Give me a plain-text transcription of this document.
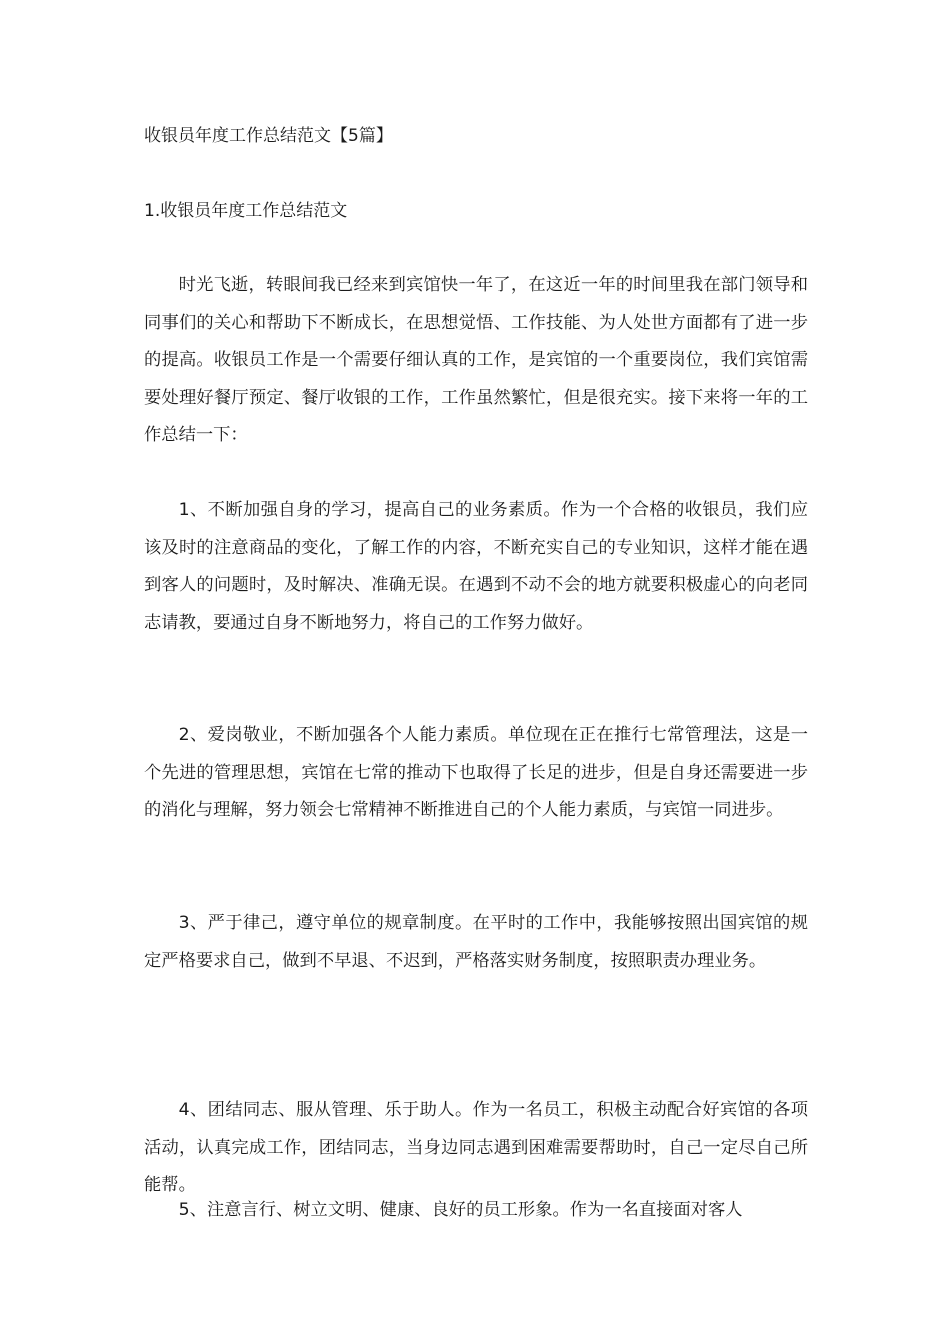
收银员年度工作总结范文【5篇】
1.收银员年度工作总结范文

时光飞逝，转眼间我已经来到宾馆快一年了，在这近一年的时间里我在部门领导和同事们的关心和帮助下不断成长，在思想觉悟、工作技能、为人处世方面都有了进一步的提高。收银员工作是一个需要仔细认真的工作，是宾馆的一个重要岗位，我们宾馆需要处理好餐厅预定、餐厅收银的工作，工作虽然繁忙，但是很充实。接下来将一年的工作总结一下：

1、不断加强自身的学习，提高自己的业务素质。作为一个合格的收银员，我们应该及时的注意商品的变化，了解工作的内容，不断充实自己的专业知识，这样才能在遇到客人的问题时，及时解决、准确无误。在遇到不动不会的地方就要积极虚心的向老同志请教，要通过自身不断地努力，将自己的工作努力做好。

2、爱岗敬业，不断加强各个人能力素质。单位现在正在推行七常管理法，这是一个先进的管理思想，宾馆在七常的推动下也取得了长足的进步，但是自身还需要进一步的消化与理解，努力领会七常精神不断推进自己的个人能力素质，与宾馆一同进步。

3、严于律己，遵守单位的规章制度。在平时的工作中，我能够按照出国宾馆的规定严格要求自己，做到不早退、不迟到，严格落实财务制度，按照职责办理业务。

4、团结同志、服从管理、乐于助人。作为一名员工，积极主动配合好宾馆的各项活动，认真完成工作，团结同志，当身边同志遇到困难需要帮助时，自己一定尽自己所能帮。

5、注意言行、树立文明、健康、良好的员工形象。作为一名直接面对客人
